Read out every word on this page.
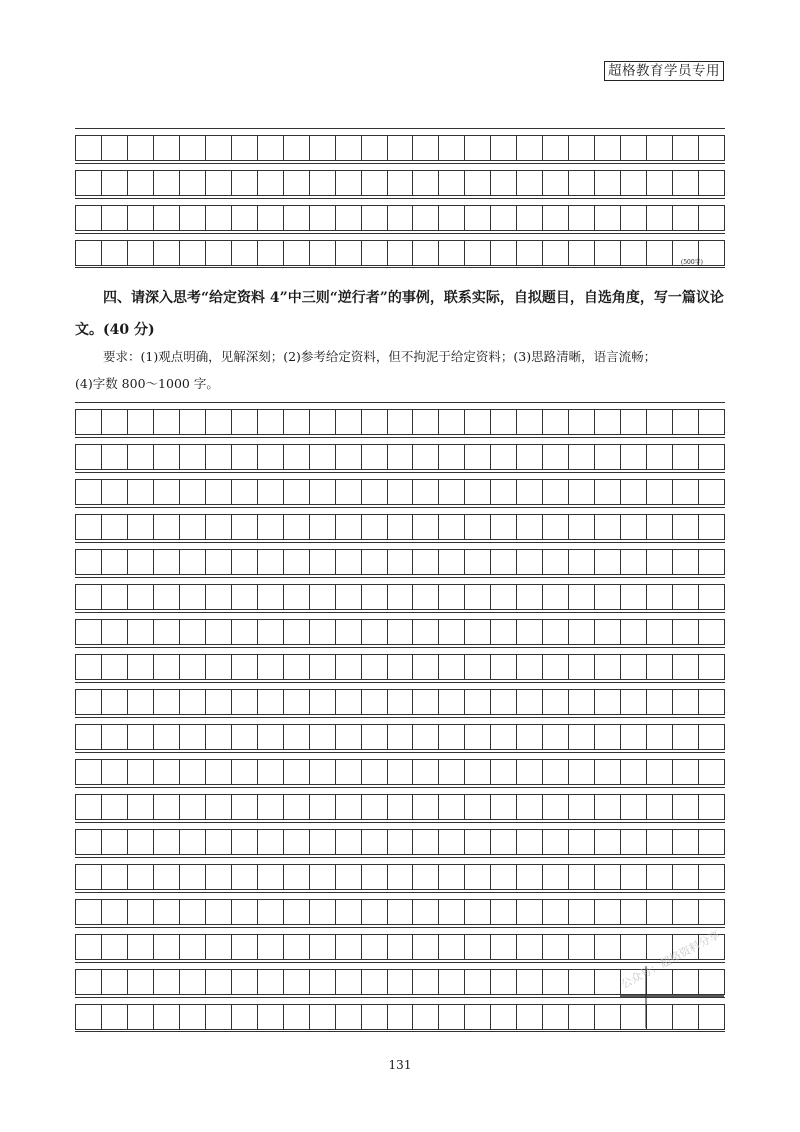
超格教育学员专用
(500字)
四、请深入思考“给定资料 4”中三则“逆行者”的事例，联系实际，自拟题目，自选角度，写一篇议论文。(40 分)
要求：(1)观点明确，见解深刻；(2)参考给定资料，但不拘泥于给定资料；(3)思路清晰，语言流畅；
(4)字数 800～1000 字。
公众号：超格资料分享
131
